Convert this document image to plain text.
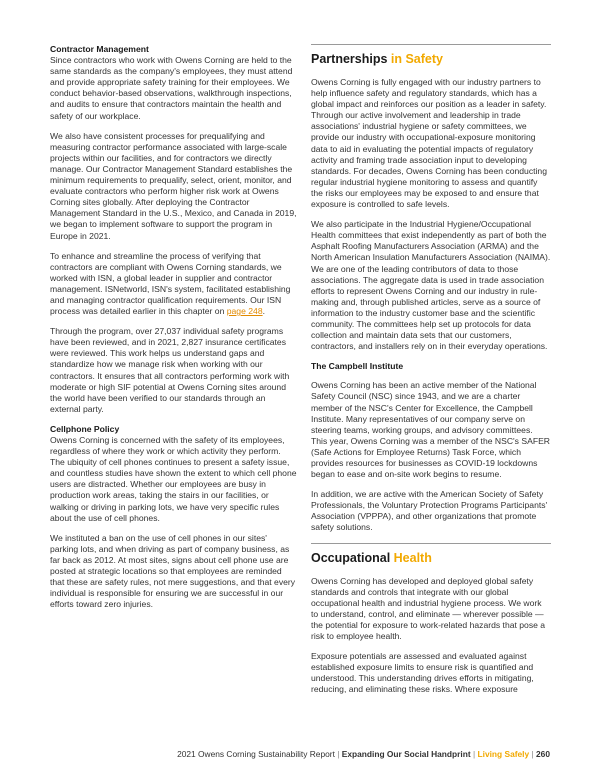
Contractor Management

Since contractors who work with Owens Corning are held to the same standards as the company's employees, they must attend and provide appropriate safety training for their employees. We conduct behavior-based observations, walkthrough inspections, and audits to ensure that contractors maintain the health and safety of our workplace.

We also have consistent processes for prequalifying and measuring contractor performance associated with large-scale projects within our facilities, and for contractors we directly manage. Our Contractor Management Standard establishes the minimum requirements to prequalify, select, orient, monitor, and evaluate contractors who perform higher risk work at Owens Corning sites globally. After deploying the Contractor Management Standard in the U.S., Mexico, and Canada in 2019, we began to implement software to support the program in Europe in 2021.

To enhance and streamline the process of verifying that contractors are compliant with Owens Corning standards, we worked with ISN, a global leader in supplier and contractor management. ISNetworld, ISN's system, facilitated establishing and managing contractor qualification requirements. Our ISN process was detailed earlier in this chapter on page 248.

Through the program, over 27,037 individual safety programs have been reviewed, and in 2021, 2,827 insurance certificates were reviewed. This work helps us understand gaps and standardize how we manage risk when working with our contractors. It ensures that all contractors performing work with moderate or high SIF potential at Owens Corning sites around the world have been verified to our standards through an external party.

Cellphone Policy

Owens Corning is concerned with the safety of its employees, regardless of where they work or which activity they perform. The ubiquity of cell phones continues to present a safety issue, and countless studies have shown the extent to which cell phone users are distracted. Whether our employees are busy in production work areas, taking the stairs in our facilities, or walking or driving in parking lots, we have very specific rules about the use of cell phones.

We instituted a ban on the use of cell phones in our sites' parking lots, and when driving as part of company business, as far back as 2012. At most sites, signs about cell phone use are posted at strategic locations so that employees are reminded that these are safety rules, not mere suggestions, and that every individual is responsible for ensuring we are successful in our efforts toward zero injuries.

Partnerships in Safety

Owens Corning is fully engaged with our industry partners to help influence safety and regulatory standards, which has a global impact and reinforces our position as a leader in safety. Through our active involvement and leadership in trade associations' industrial hygiene or safety committees, we provide our industry with occupational-exposure monitoring data to aid in evaluating the potential impacts of regulatory activity and framing trade association input to developing standards. For decades, Owens Corning has been conducting regular industrial hygiene monitoring to assess and quantify the risks our employees may be exposed to and ensure that exposure is controlled to safe levels.

We also participate in the Industrial Hygiene/Occupational Health committees that exist independently as part of both the Asphalt Roofing Manufacturers Association (ARMA) and the North American Insulation Manufacturers Association (NAIMA). We are one of the leading contributors of data to those associations. The aggregate data is used in trade association efforts to represent Owens Corning and our industry in rule-making and, through published articles, serve as a source of information to the industry customer base and the scientific community. The committees help set up protocols for data collection and maintain data sets that our customers, contractors, and installers rely on in their everyday operations.

The Campbell Institute

Owens Corning has been an active member of the National Safety Council (NSC) since 1943, and we are a charter member of the NSC's Center for Excellence, the Campbell Institute. Many representatives of our company serve on steering teams, working groups, and advisory committees. This year, Owens Corning was a member of the NSC's SAFER (Safe Actions for Employee Returns) Task Force, which provides resources for businesses as COVID-19 lockdowns began to ease and on-site work begins to resume.

In addition, we are active with the American Society of Safety Professionals, the Voluntary Protection Programs Participants' Association (VPPPA), and other organizations that promote safety solutions.

Occupational Health

Owens Corning has developed and deployed global safety standards and controls that integrate with our global occupational health and industrial hygiene process. We work to understand, control, and eliminate — wherever possible — the potential for exposure to work-related hazards that pose a risk to employee health.

Exposure potentials are assessed and evaluated against established exposure limits to ensure risk is quantified and understood. This understanding drives efforts in mitigating, reducing, and eliminating these risks. Where exposure

2021 Owens Corning Sustainability Report | Expanding Our Social Handprint | Living Safely | 260
